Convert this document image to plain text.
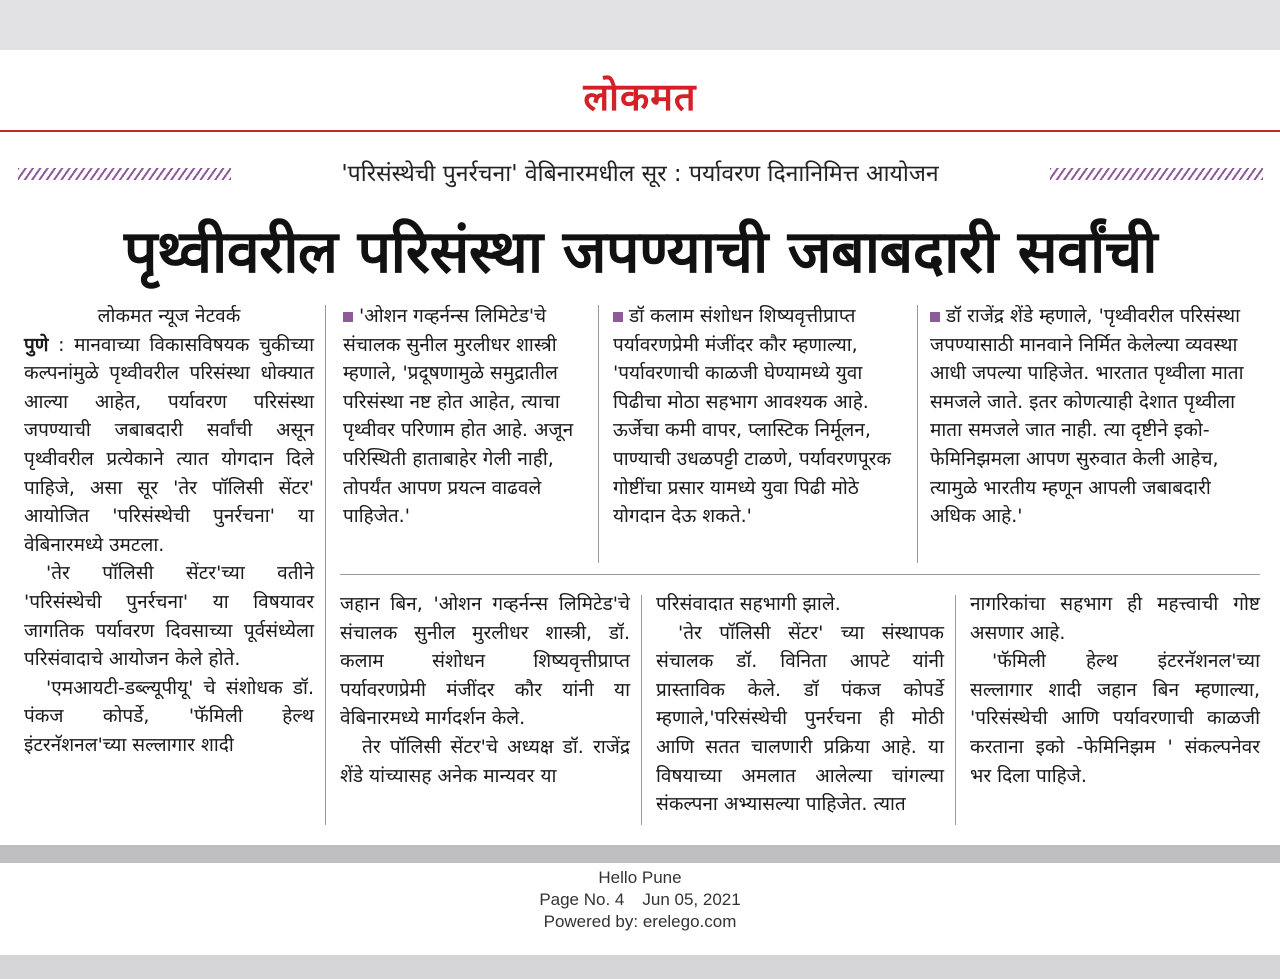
लोकमत
'परिसंस्थेची पुनर्रचना' वेबिनारमधील सूर : पर्यावरण दिनानिमित्त आयोजन
पृथ्वीवरील परिसंस्था जपण्याची जबाबदारी सर्वांची

लोकमत न्यूज नेटवर्क

पुणे : मानवाच्या विकासविषयक चुकीच्या कल्पनांमुळे पृथ्वीवरील परिसंस्था धोक्यात आल्या आहेत, पर्यावरण परिसंस्था जपण्याची जबाबदारी सर्वांची असून पृथ्वीवरील प्रत्येकाने त्यात योगदान दिले पाहिजे, असा सूर 'तेर पॉलिसी सेंटर' आयोजित 'परिसंस्थेची पुनर्रचना' या वेबिनारमध्ये उमटला.

'तेर पॉलिसी सेंटर'च्या वतीने 'परिसंस्थेची पुनर्रचना' या विषयावर जागतिक पर्यावरण दिवसाच्या पूर्वसंध्येला परिसंवादाचे आयोजन केले होते.

'एमआयटी-डब्ल्यूपीयू' चे संशोधक डॉ. पंकज कोपर्डे, 'फॅमिली हेल्थ इंटरनॅशनल'च्या सल्लागार शादी

'ओशन गव्हर्नन्स लिमिटेड'चे संचालक सुनील मुरलीधर शास्त्री म्हणाले, 'प्रदूषणामुळे समुद्रातील परिसंस्था नष्ट होत आहेत, त्याचा पृथ्वीवर परिणाम होत आहे. अजून परिस्थिती हाताबाहेर गेली नाही, तोपर्यंत आपण प्रयत्न वाढवले पाहिजेत.'

डॉ कलाम संशोधन शिष्यवृत्तीप्राप्त पर्यावरणप्रेमी मंजींदर कौर म्हणाल्या, 'पर्यावरणाची काळजी घेण्यामध्ये युवा पिढीचा मोठा सहभाग आवश्यक आहे. ऊर्जेचा कमी वापर, प्लास्टिक निर्मूलन, पाण्याची उधळपट्टी टाळणे, पर्यावरणपूरक गोष्टींचा प्रसार यामध्ये युवा पिढी मोठे योगदान देऊ शकते.'

डॉ राजेंद्र शेंडे म्हणाले, 'पृथ्वीवरील परिसंस्था जपण्यासाठी मानवाने निर्मित केलेल्या व्यवस्था आधी जपल्या पाहिजेत. भारतात पृथ्वीला माता समजले जाते. इतर कोणत्याही देशात पृथ्वीला माता समजले जात नाही. त्या दृष्टीने इको-फेमिनिझमला आपण सुरुवात केली आहेच, त्यामुळे भारतीय म्हणून आपली जबाबदारी अधिक आहे.'

जहान बिन, 'ओशन गव्हर्नन्स लिमिटेड'चे संचालक सुनील मुरलीधर शास्त्री, डॉ. कलाम संशोधन शिष्यवृत्तीप्राप्त पर्यावरणप्रेमी मंजींदर कौर यांनी या वेबिनारमध्ये मार्गदर्शन केले.

तेर पॉलिसी सेंटर'चे अध्यक्ष डॉ. राजेंद्र शेंडे यांच्यासह अनेक मान्यवर या

परिसंवादात सहभागी झाले.

'तेर पॉलिसी सेंटर' च्या संस्थापक संचालक डॉ. विनिता आपटे यांनी प्रास्ताविक केले. डॉ पंकज कोपर्डे म्हणाले,'परिसंस्थेची पुनर्रचना ही मोठी आणि सतत चालणारी प्रक्रिया आहे. या विषयाच्या अमलात आलेल्या चांगल्या संकल्पना अभ्यासल्या पाहिजेत. त्यात

नागरिकांचा सहभाग ही महत्त्वाची गोष्ट असणार आहे.

'फॅमिली हेल्थ इंटरनॅशनल'च्या सल्लागार शादी जहान बिन म्हणाल्या, 'परिसंस्थेची आणि पर्यावरणाची काळजी करताना इको -फेमिनिझम ' संकल्पनेवर भर दिला पाहिजे.

Hello Pune
Page No. 4 Jun 05, 2021
Powered by: erelego.com
